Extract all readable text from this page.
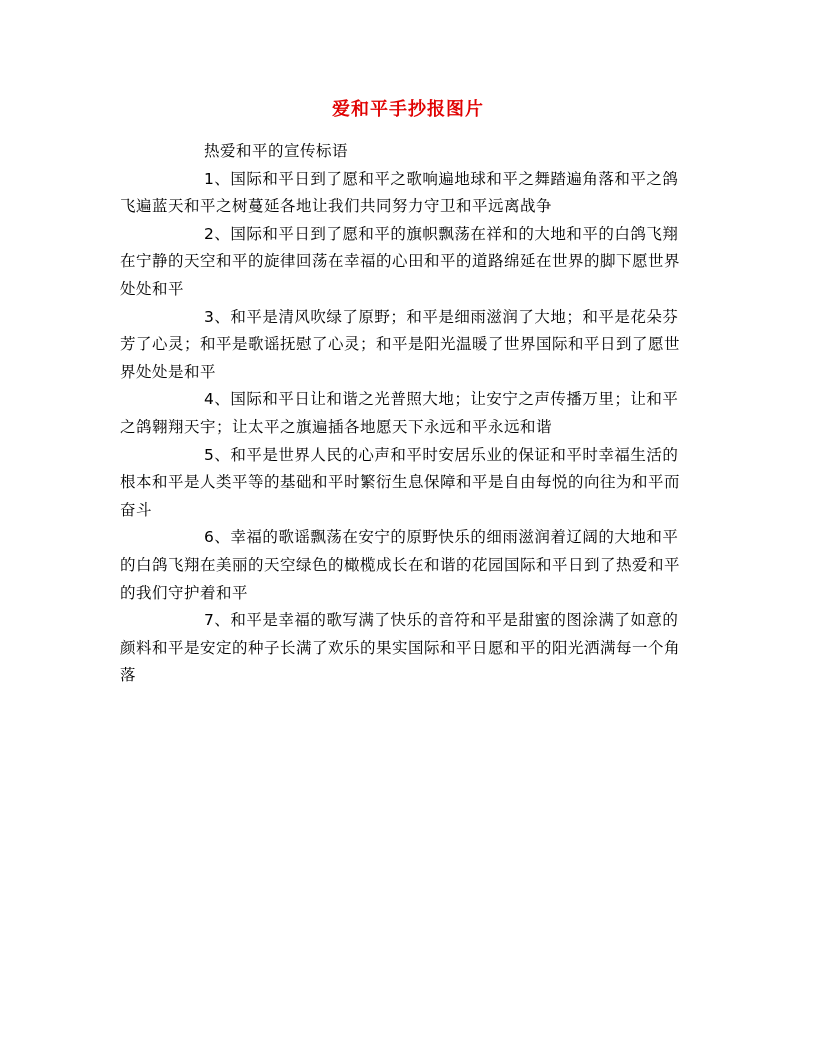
爱和平手抄报图片

热爱和平的宣传标语

1、国际和平日到了愿和平之歌响遍地球和平之舞踏遍角落和平之鸽飞遍蓝天和平之树蔓延各地让我们共同努力守卫和平远离战争

2、国际和平日到了愿和平的旗帜飘荡在祥和的大地和平的白鸽飞翔在宁静的天空和平的旋律回荡在幸福的心田和平的道路绵延在世界的脚下愿世界处处和平

3、和平是清风吹绿了原野；和平是细雨滋润了大地；和平是花朵芬芳了心灵；和平是歌谣抚慰了心灵；和平是阳光温暖了世界国际和平日到了愿世界处处是和平

4、国际和平日让和谐之光普照大地；让安宁之声传播万里；让和平之鸽翱翔天宇；让太平之旗遍插各地愿天下永远和平永远和谐

5、和平是世界人民的心声和平时安居乐业的保证和平时幸福生活的根本和平是人类平等的基础和平时繁衍生息保障和平是自由每悦的向往为和平而奋斗

6、幸福的歌谣飘荡在安宁的原野快乐的细雨滋润着辽阔的大地和平的白鸽飞翔在美丽的天空绿色的橄榄成长在和谐的花园国际和平日到了热爱和平的我们守护着和平

7、和平是幸福的歌写满了快乐的音符和平是甜蜜的图涂满了如意的颜料和平是安定的种子长满了欢乐的果实国际和平日愿和平的阳光洒满每一个角落
